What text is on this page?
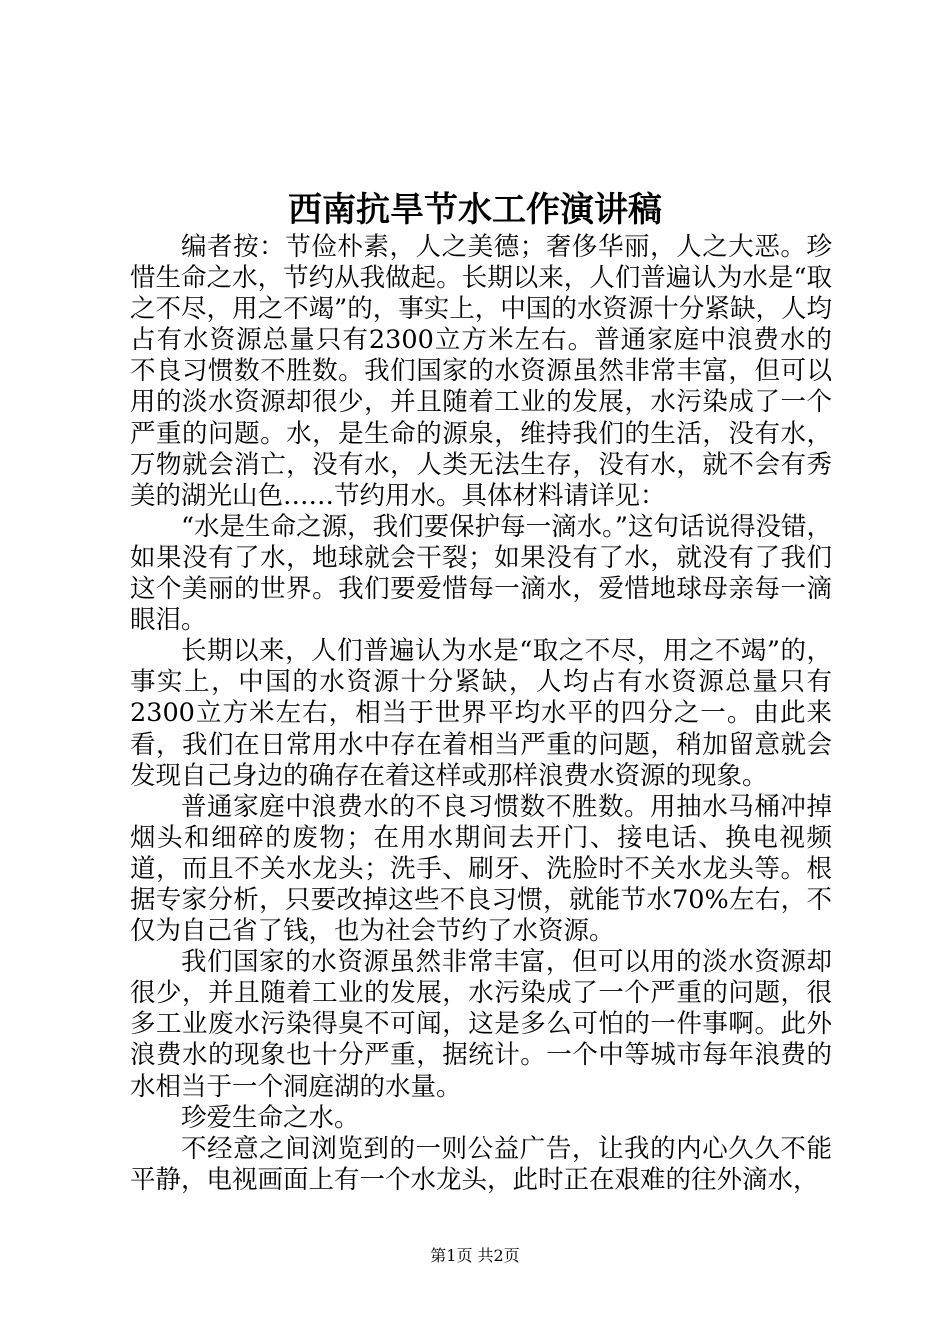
西南抗旱节水工作演讲稿

编者按：节俭朴素，人之美德；奢侈华丽，人之大恶。珍惜生命之水，节约从我做起。长期以来，人们普遍认为水是“取之不尽，用之不竭”的，事实上，中国的水资源十分紧缺，人均占有水资源总量只有2300立方米左右。普通家庭中浪费水的不良习惯数不胜数。我们国家的水资源虽然非常丰富，但可以用的淡水资源却很少，并且随着工业的发展，水污染成了一个严重的问题。水，是生命的源泉，维持我们的生活，没有水，万物就会消亡，没有水，人类无法生存，没有水，就不会有秀美的湖光山色……节约用水。具体材料请详见：

“水是生命之源，我们要保护每一滴水。”这句话说得没错，如果没有了水，地球就会干裂；如果没有了水，就没有了我们这个美丽的世界。我们要爱惜每一滴水，爱惜地球母亲每一滴眼泪。

长期以来，人们普遍认为水是“取之不尽，用之不竭”的，事实上，中国的水资源十分紧缺，人均占有水资源总量只有2300立方米左右，相当于世界平均水平的四分之一。由此来看，我们在日常用水中存在着相当严重的问题，稍加留意就会发现自己身边的确存在着这样或那样浪费水资源的现象。

普通家庭中浪费水的不良习惯数不胜数。用抽水马桶冲掉烟头和细碎的废物；在用水期间去开门、接电话、换电视频道，而且不关水龙头；洗手、刷牙、洗脸时不关水龙头等。根据专家分析，只要改掉这些不良习惯，就能节水70%左右，不仅为自己省了钱，也为社会节约了水资源。

我们国家的水资源虽然非常丰富，但可以用的淡水资源却很少，并且随着工业的发展，水污染成了一个严重的问题，很多工业废水污染得臭不可闻，这是多么可怕的一件事啊。此外浪费水的现象也十分严重，据统计。一个中等城市每年浪费的水相当于一个洞庭湖的水量。

珍爱生命之水。

不经意之间浏览到的一则公益广告，让我的内心久久不能平静，电视画面上有一个水龙头，此时正在艰难的往外滴水，

第1页 共2页
